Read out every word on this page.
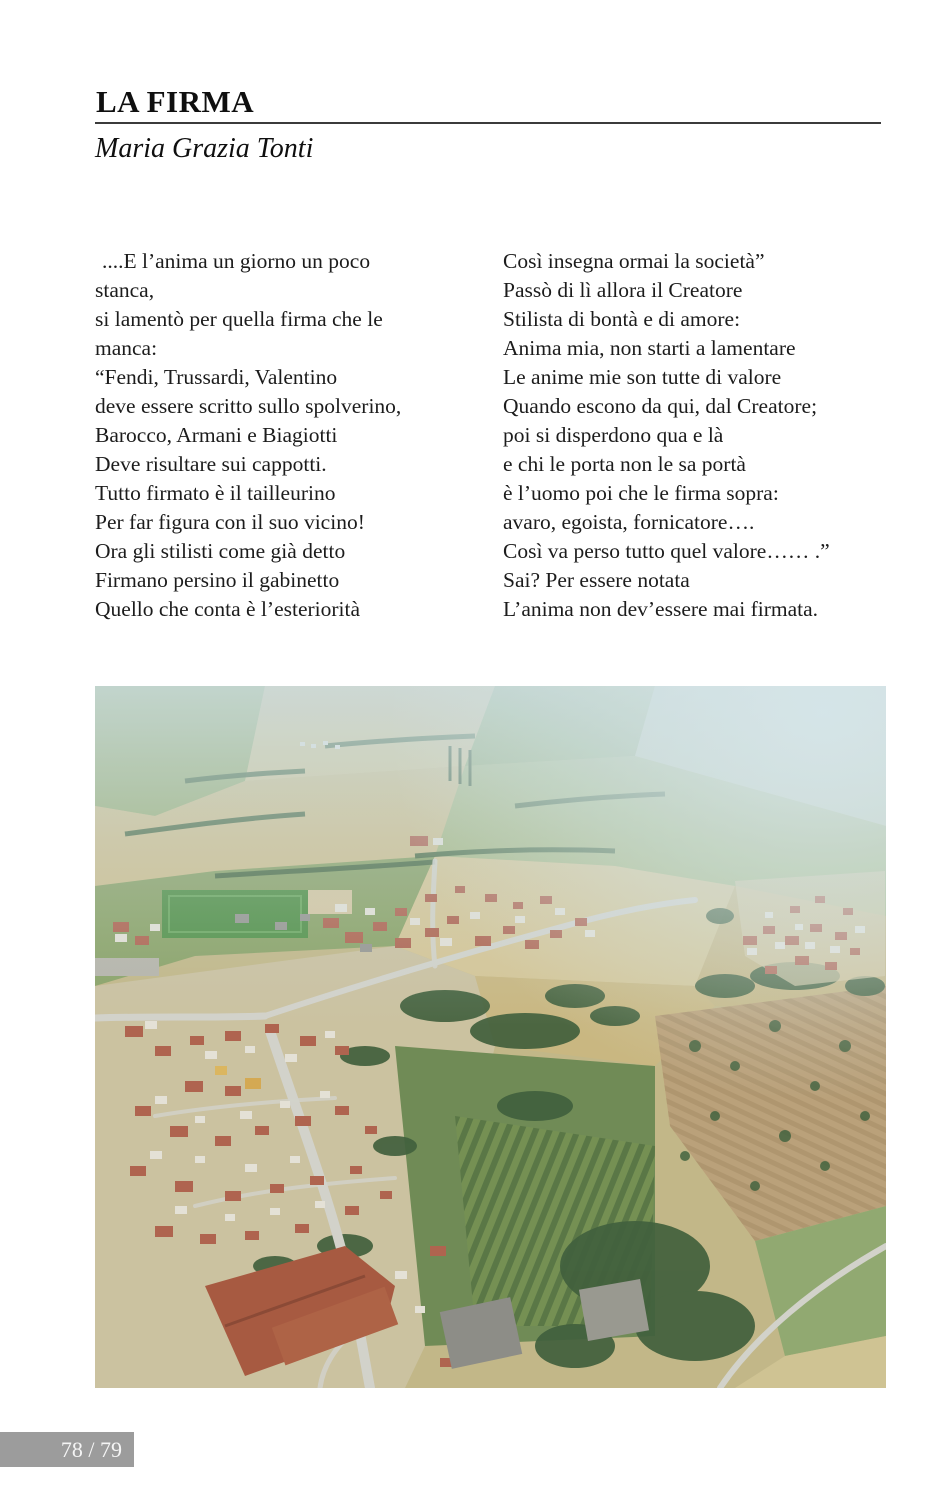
LA FIRMA
Maria Grazia Tonti
....E l’anima un giorno un poco
stanca,
si lamentò per quella firma che le
manca:
“Fendi, Trussardi, Valentino
deve essere scritto sullo spolverino,
Barocco, Armani e Biagiotti
Deve risultare sui cappotti.
Tutto firmato è il tailleurino
Per far figura con il suo vicino!
Ora gli stilisti come già detto
Firmano persino il gabinetto
Quello che conta è l’esteriorità
Così insegna ormai la società”
Passò di lì allora il Creatore
Stilista di bontà e di amore:
Anima mia, non starti a lamentare
Le anime mie son tutte di valore
Quando escono da qui, dal Creatore;
poi si disperdono qua e là
e chi le porta non le sa portà
è l’uomo poi che le firma sopra:
avaro, egoista, fornicatore….
Così va perso tutto quel valore…… .”
Sai? Per essere notata
L’anima non dev’essere mai firmata.
78 / 79
